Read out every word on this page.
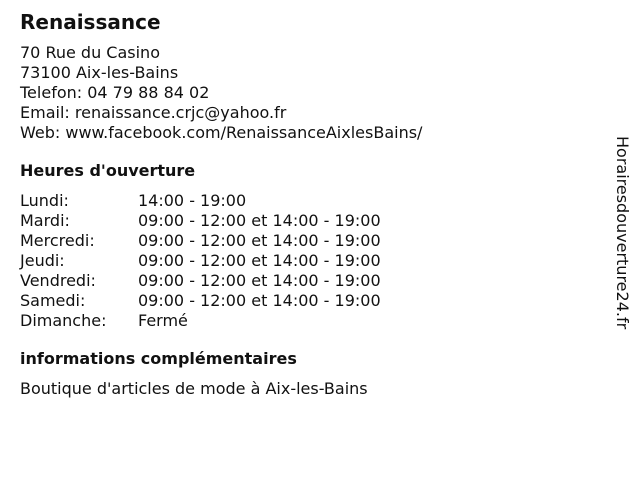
Renaissance
70 Rue du Casino
73100 Aix-les-Bains
Telefon: 04 79 88 84 02
Email: renaissance.crjc@yahoo.fr
Web: www.facebook.com/RenaissanceAixlesBains/
Heures d'ouverture
Lundi:	14:00 - 19:00
Mardi:	09:00 - 12:00 et 14:00 - 19:00
Mercredi:	09:00 - 12:00 et 14:00 - 19:00
Jeudi:	09:00 - 12:00 et 14:00 - 19:00
Vendredi:	09:00 - 12:00 et 14:00 - 19:00
Samedi:	09:00 - 12:00 et 14:00 - 19:00
Dimanche:	Fermé
informations complémentaires
Boutique d'articles de mode à Aix-les-Bains
Horairesdouverture24.fr
